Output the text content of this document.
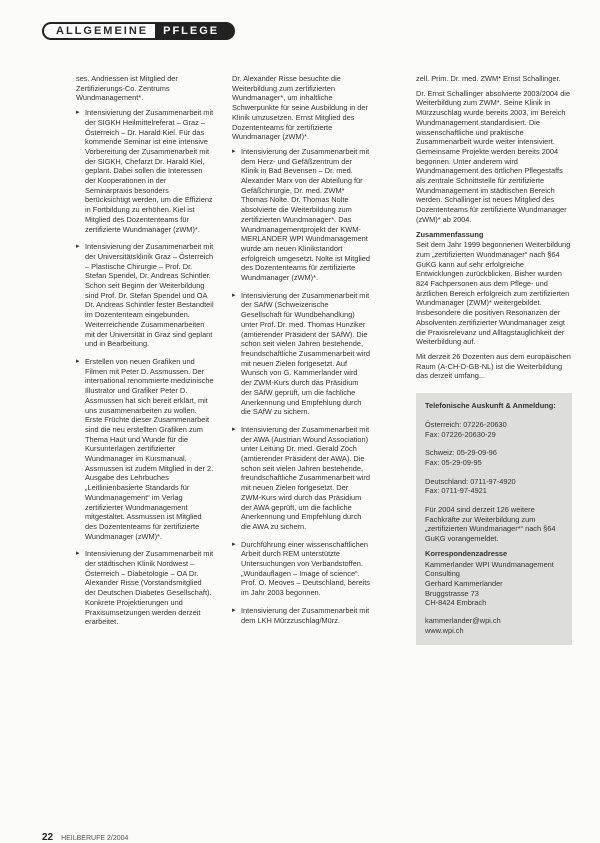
ALLGEMEINE	PFLEGE

ses. Andriessen ist Mitglied der Zertifizierungs-Co. Zentrums Wundmanagement*.

▸ Intensivierung der Zusammenarbeit mit der SIGKH Heilmittelreferat – Graz – Österreich – Dr. Harald Kiel. Für das kommende Seminar ist eine intensive Vorbereitung der Zusammenarbeit mit der SIGKH, Chefarzt Dr. Harald Kiel, geplant. Dabei sollen die Interessen der Kooperationen in der Seminarpraxis besonders berücksichtigt werden, um die Effizienz in Fortbildung zu erhöhen. Kiel ist Mitglied des Dozententeams für zertifizierte Wundmanager (zWM)*.
▸ Intensivierung der Zusammenarbeit mit der Universitätsklinik Graz – Österreich – Plastische Chirurgie – Prof. Dr. Stefan Spendel, Dr. Andreas Schintler. Schon seit Beginn der Weiterbildung sind Prof. Dr. Stefan Spendel und OA Dr. Andreas Schintler fester Bestandteil im Dozententeam eingebunden. Weiterreichende Zusammenarbeiten mit der Universität in Graz sind geplant und in Bearbeitung.
▸ Erstellen von neuen Grafiken und Filmen mit Peter D. Assmussen. Der international renommierte medizinische Illustrator und Grafiker Peter D. Assmussen hat sich bereit erklärt, mit uns zusammenarbeiten zu wollen. Erste Früchte dieser Zusammenarbeit sind die neu erstellten Grafiken zum Thema Haut und Wunde für die Kursunterlagen zertifizierter Wundmanager im Kursmanual. Assmussen ist zudem Mitglied in der 2. Ausgabe des Lehrbuches „Leitlinienbasierte Standards für Wundmanagement“ im Verlag zertifizierter Wundmanagement mitgestaltet. Assmussen ist Mitglied des Dozententeams für zertifizierte Wundmanager (zWM)*.
▸ Intensivierung der Zusammenarbeit mit der städtischen Klinik Nordwest – Österreich – Diabetologie – OA Dr. Alexander Risse (Vorstandsmitglied der Deutschen Diabetes Gesellschaft). Konkrete Projektierungen und Praxisumsetzungen werden derzeit erarbeitet.

Dr. Alexander Risse besuchte die Weiterbildung zum zertifizierten Wundmanager*, um inhaltliche Schwerpunkte für seine Ausbildung in der Klinik umzusetzen. Ernst Mitglied des Dozententeams für zertifizierte Wundmanager (zWM)*.

▸ Intensivierung der Zusammenarbeit mit dem Herz- und Gefäßzentrum der Klinik in Bad Bevensen – Dr. med. Alexander Marx von der Abteilung für Gefäßchirurgie, Dr. med. ZWM* Thomas Nolte. Dr. Thomas Nolte absolvierte die Weiterbildung zum zertifizierten Wundmanager*. Das Wundmanagementprojekt der KWM-MERLANDER WPI Wundmanagement wurde am neuen Klinikstandort erfolgreich umgesetzt. Nolte ist Mitglied des Dozententeams für zertifizierte Wundmanager (zWM)*.
▸ Intensivierung der Zusammenarbeit mit der SAfW (Schweizerische Gesellschaft für Wundbehandlung) unter Prof. Dr. med. Thomas Hunziker (amtierender Präsident der SAfW). Die schon seit vielen Jahren bestehende, freundschaftliche Zusammenarbeit wird mit neuen Zielen fortgesetzt. Auf Wunsch von G. Kammerlander wird der ZWM-Kurs durch das Präsidium der SAfW geprüft, um die fachliche Anerkennung und Empfehlung durch die SAfW zu sichern.
▸ Intensivierung der Zusammenarbeit mit der AWA (Austrian Wound Association) unter Leitung Dr. med. Gerald Zöch (amtierender Präsident der AWA). Die schon seit vielen Jahren bestehende, freundschaftliche Zusammenarbeit wird mit neuen Zielen fortgesetzt. Der ZWM-Kurs wird durch das Präsidium der AWA geprüft, um die fachliche Anerkennung und Empfehlung durch die AWA zu sichern.
▸ Durchführung einer wissenschaftlichen Arbeit durch REM unterstützte Untersuchungen von Verbandstoffen. „Wundauflagen – Image of science“. Prof. O. Meoves – Deutschland, bereits im Jahr 2003 begonnen.
▸ Intensivierung der Zusammenarbeit mit dem LKH Mürzzuschlag/Mürz.

zell. Prim. Dr. med. ZWM* Ernst Schallinger.

Dr. Ernst Schallinger absolvierte 2003/2004 die Weiterbildung zum ZWM*. Seine Klinik in Mürzzuschlag wurde bereits 2003, im Bereich Wundmanagement standardisiert. Die wissenschaftliche und praktische Zusammenarbeit wurde weiter intensiviert. Gemeinsame Projekte werden bereits 2004 begonnen. Unter anderem wird Wundmanagement des örtlichen Pflegestaffs als zentrale Schnittstelle für zertifizierte Wundmanagement im städtischen Bereich werden. Schallinger ist neues Mitglied des Dozententeams für zertifizierte Wundmanager (zWM)* ab 2004.

Zusammenfassung

Seit dem Jahr 1999 begonnenen Weiterbildung zum „zertifizierten Wundmanager“ nach §64 GuKG kann auf sehr erfolgreiche Entwicklungen zurückblicken. Bisher wurden 824 Fachpersonen aus dem Pflege- und ärztlichen Bereich erfolgreich zum zertifizierten Wundmanager (ZWM)* weitergebildet. Insbesondere die positiven Resonanzen der Absolventen zertifizierter Wundmanager zeigt die Praxisrelevanz und Alltagstauglichkeit der Weiterbildung auf.

Mit derzeit 26 Dozenten aus dem europäischen Raum (A-CH-D-GB-NL) ist die Weiterbildung das derzeit umfang...

Telefonische Auskunft & Anmeldung:
Österreich: 07226-20630
Fax: 07226-20630-29
Schweiz: 05-29-09-96
Fax: 05-29-09-95
Deutschland: 0711-97-4920
Fax: 0711-97-4921

Für 2004 sind derzeit 126 weitere Fachkräfte zur Weiterbildung zum „zertifizierten Wundmanager*“ nach §64 GuKG vorangemeldet.

Korrespondenzadresse
Kammerlander WPI Wundmanagement
Consulting
Gerhard Kammerlander
Bruggstrasse 73
CH-8424 Embrach
kammerlander@wpi.ch
www.wpi.ch
22 HEILBERUFE 2/2004
